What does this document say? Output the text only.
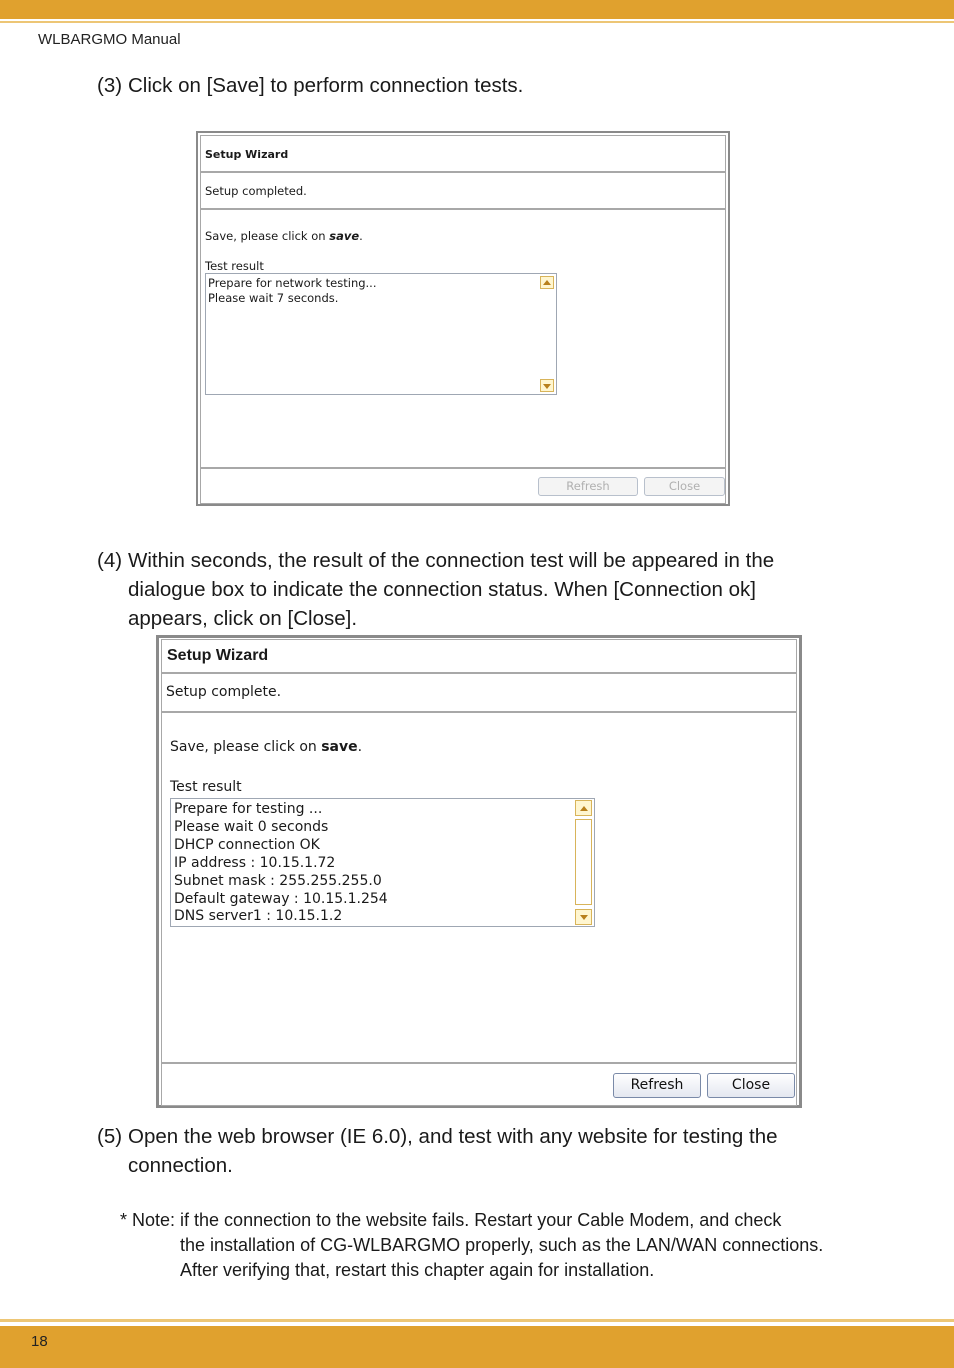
WLBARGMO Manual
18
(3) Click on [Save] to perform connection tests.
Setup Wizard
Setup completed.
Save, please click on save.
Test result
Prepare for network testing...
Please wait 7 seconds.
Refresh	Close
(4) Within seconds, the result of the connection test will be appeared in the
dialogue box to indicate the connection status. When [Connection ok]
appears, click on [Close].
Setup Wizard
Setup complete.
Save, please click on save.
Test result
Prepare for testing ...
Please wait 0 seconds
DHCP connection OK
IP address : 10.15.1.72
Subnet mask : 255.255.255.0
Default gateway : 10.15.1.254
DNS server1 : 10.15.1.2
Refresh	Close
(5) Open the web browser (IE 6.0), and test with any website for testing the
connection.
* Note: if the connection to the website fails. Restart your Cable Modem, and check
the installation of CG-WLBARGMO properly, such as the LAN/WAN connections.
After verifying that, restart this chapter again for installation.
